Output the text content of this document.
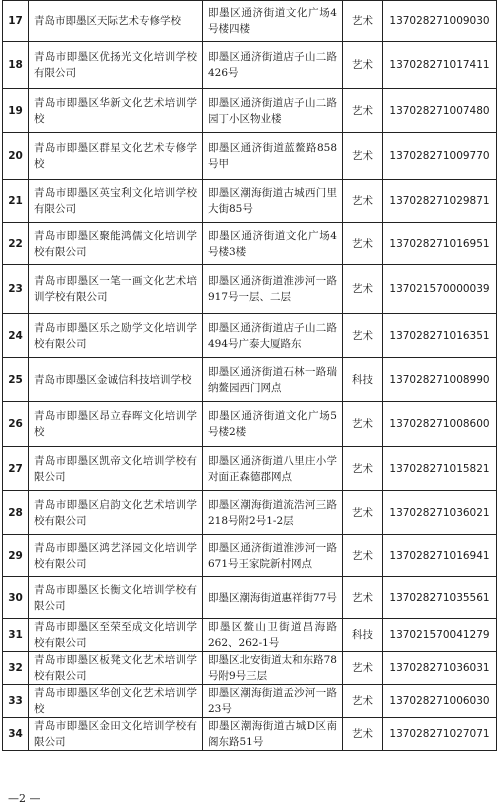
17	青岛市即墨区天际艺术专修学校	即墨区通济街道文化广场4号楼四楼	艺术	137028271009030
18	青岛市即墨区优扬光文化培训学校有限公司	即墨区通济街道店子山二路426号	艺术	137028271017411
19	青岛市即墨区华新文化艺术培训学校	即墨区通济街道店子山二路园丁小区物业楼	艺术	137028271007480
20	青岛市即墨区群星文化艺术专修学校	即墨区通济街道蓝鳌路858号甲	艺术	137028271009770
21	青岛市即墨区英宝利文化培训学校有限公司	即墨区潮海街道古城西门里大街85号	艺术	137028271029871
22	青岛市即墨区聚能鸿儒文化培训学校有限公司	即墨区通济街道文化广场4号楼3楼	艺术	137028271016951
23	青岛市即墨区一笔一画文化艺术培训学校有限公司	即墨区通济街道淮涉河一路917号一层、二层	艺术	137021570000039
24	青岛市即墨区乐之励学文化培训学校有限公司	即墨区通济街道店子山二路494号广泰大厦路东	艺术	137028271016351
25	青岛市即墨区金诚信科技培训学校	即墨区通济街道石林一路瑞纳鳌园西门网点	科技	137028271008990
26	青岛市即墨区昂立春晖文化培训学校	即墨区通济街道文化广场5号楼2楼	艺术	137028271008600
27	青岛市即墨区凯帝文化培训学校有限公司	即墨区通济街道八里庄小学对面正森德郡网点	艺术	137028271015821
28	青岛市即墨区启韵文化艺术培训学校有限公司	即墨区潮海街道流浩河三路218号附2号1-2层	艺术	137028271036021
29	青岛市即墨区鸿艺泽园文化培训学校有限公司	即墨区通济街道淮涉河一路671号王家院新村网点	艺术	137028271016941
30	青岛市即墨区长衡文化培训学校有限公司	即墨区潮海街道惠祥街77号	艺术	137028271035561
31	青岛市即墨区至荣至成文化培训学校有限公司	即墨区鳌山卫街道昌海路262、262-1号	科技	137021570041279
32	青岛市即墨区板凳文化艺术培训学校有限公司	即墨区北安街道太和东路78号附9号三层	艺术	137028271036031
33	青岛市即墨区华创文化艺术培训学校	即墨区潮海街道孟沙河一路23号	艺术	137028271006030
34	青岛市即墨区金田文化培训学校有限公司	即墨区潮海街道古城D区南阁东路51号	艺术	137028271027071
—2 —
